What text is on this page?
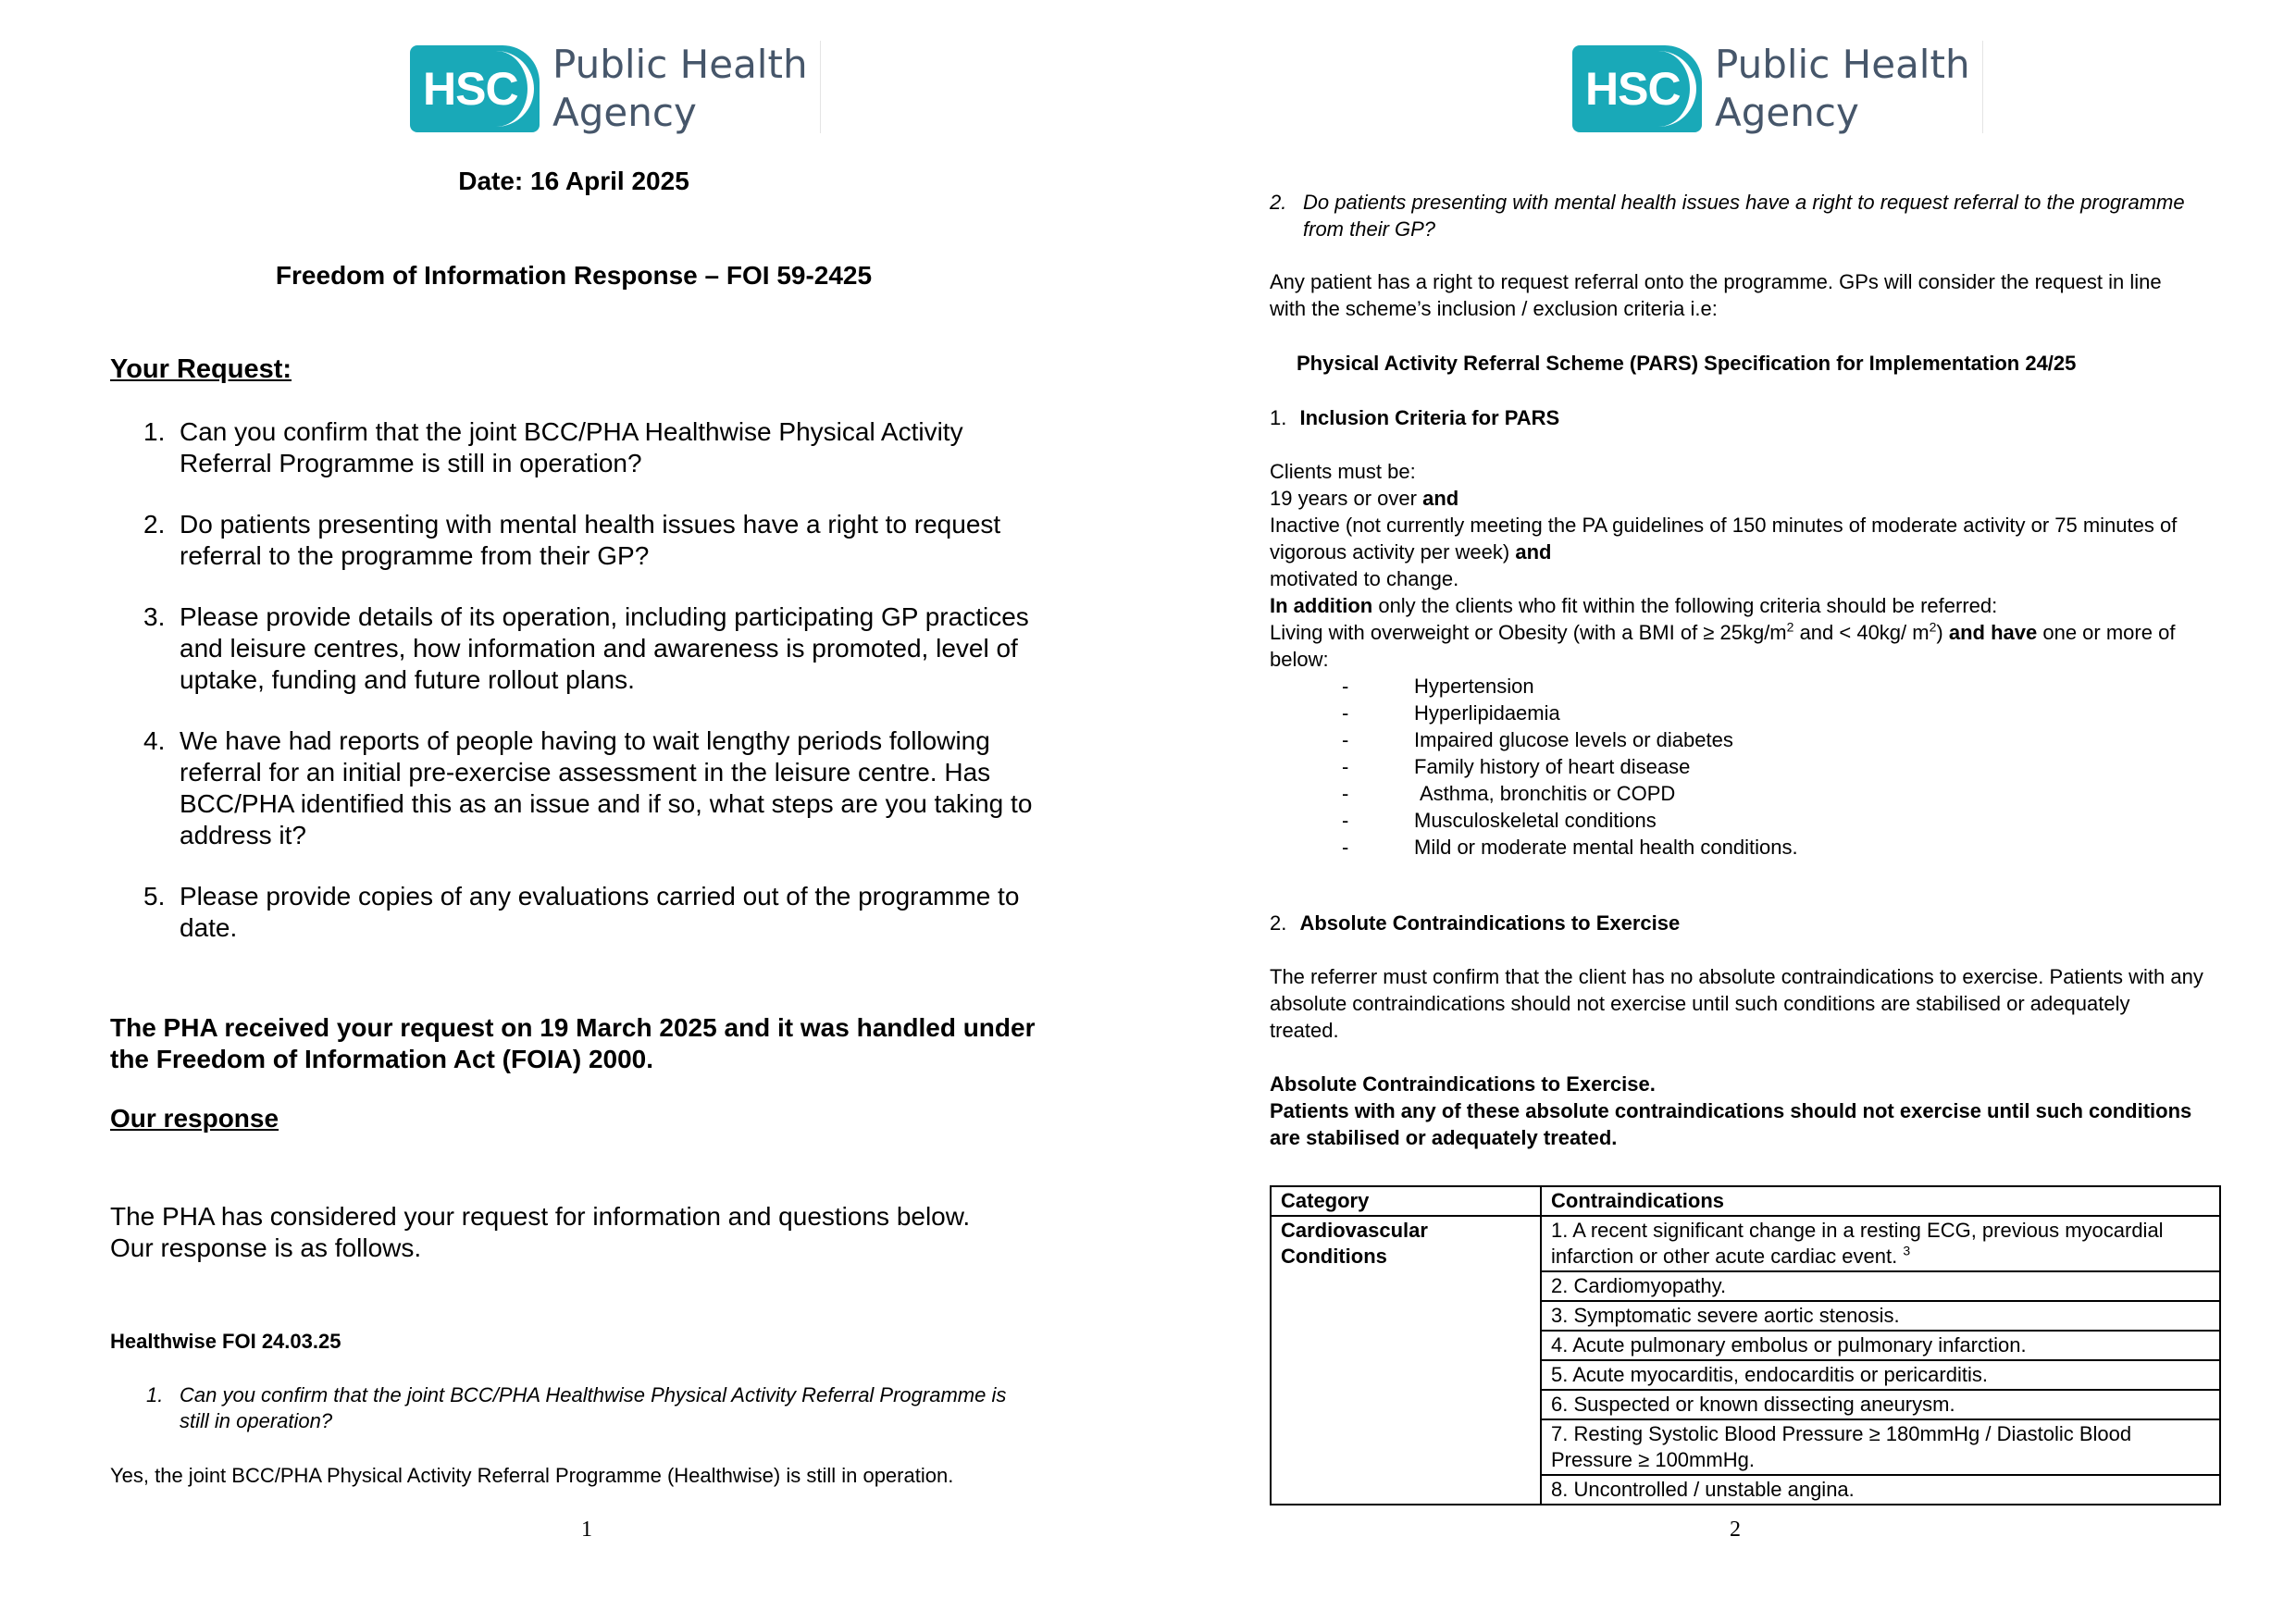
HSC Public Health
Agency
Date: 16 April 2025
Freedom of Information Response – FOI 59-2425
Your Request:
1. Can you confirm that the joint BCC/PHA Healthwise Physical Activity Referral Programme is still in operation?
2. Do patients presenting with mental health issues have a right to request referral to the programme from their GP?
3. Please provide details of its operation, including participating GP practices and leisure centres, how information and awareness is promoted, level of uptake, funding and future rollout plans.
4. We have had reports of people having to wait lengthy periods following referral for an initial pre-exercise assessment in the leisure centre. Has BCC/PHA identified this as an issue and if so, what steps are you taking to address it?
5. Please provide copies of any evaluations carried out of the programme to date.
The PHA received your request on 19 March 2025 and it was handled under the Freedom of Information Act (FOIA) 2000.
Our response
The PHA has considered your request for information and questions below. Our response is as follows.
Healthwise FOI 24.03.25
1. Can you confirm that the joint BCC/PHA Healthwise Physical Activity Referral Programme is still in operation?
Yes, the joint BCC/PHA Physical Activity Referral Programme (Healthwise) is still in operation.
1
HSC Public Health
Agency
2. Do patients presenting with mental health issues have a right to request referral to the programme from their GP?
Any patient has a right to request referral onto the programme. GPs will consider the request in line with the scheme’s inclusion / exclusion criteria i.e:
Physical Activity Referral Scheme (PARS) Specification for Implementation 24/25
1. Inclusion Criteria for PARS
Clients must be:
19 years or over and
Inactive (not currently meeting the PA guidelines of 150 minutes of moderate activity or 75 minutes of vigorous activity per week) and
motivated to change.
In addition only the clients who fit within the following criteria should be referred:
Living with overweight or Obesity (with a BMI of ≥ $25kg/m^2$ and < 40kg/ $m^2$) and have one or more of below:
-	Hypertension
-	Hyperlipidaemia
-	Impaired glucose levels or diabetes
-	Family history of heart disease
-	Asthma, bronchitis or COPD
-	Musculoskeletal conditions
-	Mild or moderate mental health conditions.
2. Absolute Contraindications to Exercise
The referrer must confirm that the client has no absolute contraindications to exercise. Patients with any absolute contraindications should not exercise until such conditions are stabilised or adequately treated.
Absolute Contraindications to Exercise.
Patients with any of these absolute contraindications should not exercise until such conditions are stabilised or adequately treated.
Category	Contraindications
Cardiovascular Conditions	1. A recent significant change in a resting ECG, previous myocardial infarction or other acute cardiac event. $^3$
	2. Cardiomyopathy.
	3. Symptomatic severe aortic stenosis.
	4. Acute pulmonary embolus or pulmonary infarction.
	5. Acute myocarditis, endocarditis or pericarditis.
	6. Suspected or known dissecting aneurysm.
	7. Resting Systolic Blood Pressure ≥ 180mmHg / Diastolic Blood Pressure ≥ 100mmHg.
	8. Uncontrolled / unstable angina.
2
